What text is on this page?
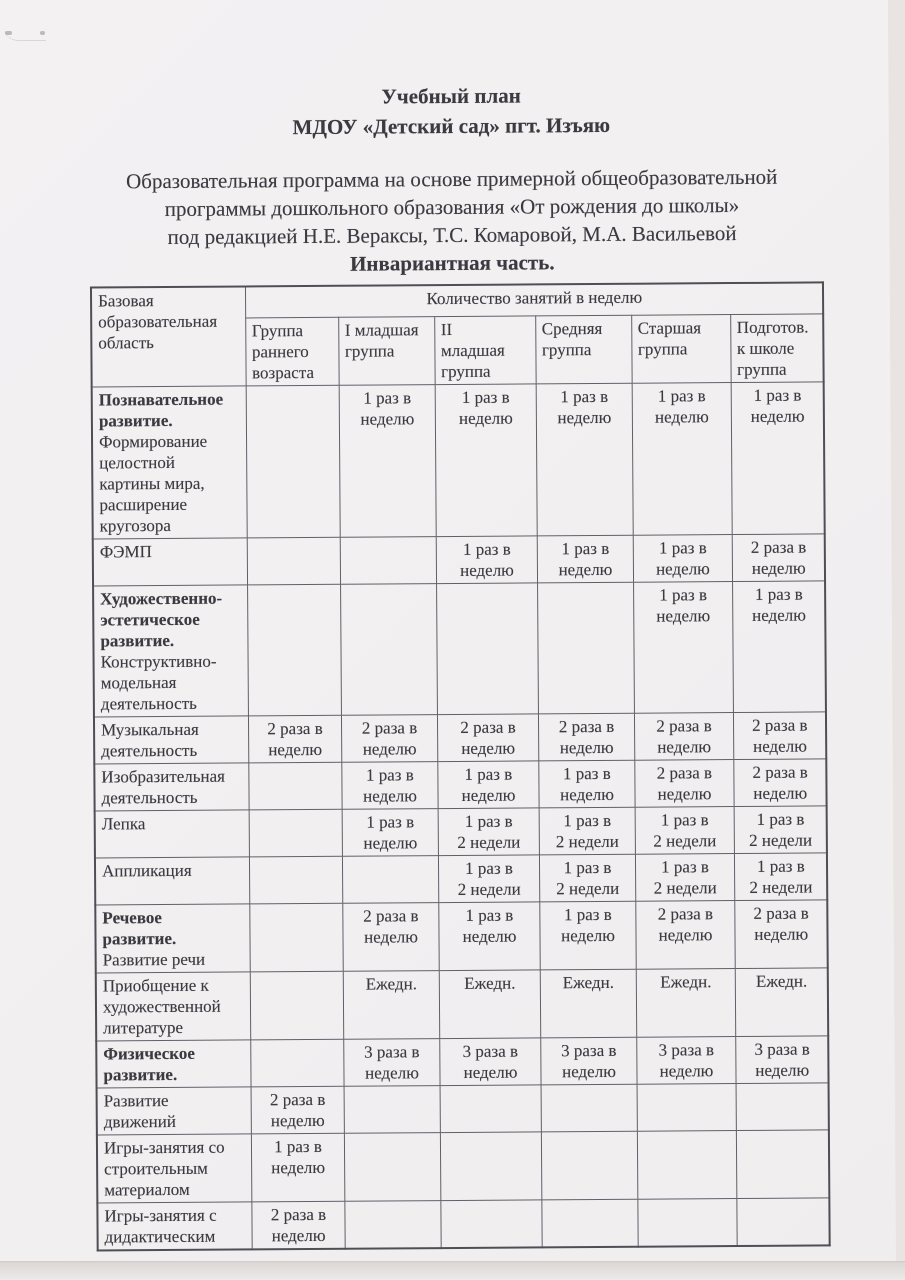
Учебный план
МДОУ «Детский сад» пгт. Изъяю
Образовательная программа на основе примерной общеобразовательной
программы дошкольного образования «От рождения до школы»
под редакцией Н.Е. Вераксы, Т.С. Комаровой, М.А. Васильевой
Инвариантная часть.
Базовая
образовательная
область	Количество занятий в неделю					
	Группа
раннего
возраста	I младшая
группа	II
младшая
группа	Средняя
группа	Старшая
группа	Подготов.
к школе
группа

Познавательное
развитие.
Формирование
целостной
картины мира,
расширение
кругозора
		1 раз в
неделю	1 раз в
неделю	1 раз в
неделю	1 раз в
неделю	1 раз в
неделю

ФЭМП			1 раз в
неделю	1 раз в
неделю	1 раз в
неделю	2 раза в
неделю

Художественно-
эстетическое
развитие.
Конструктивно-
модельная
деятельность
					1 раз в
неделю	1 раз в
неделю

Музыкальная
деятельность	2 раза в
неделю	2 раза в
неделю	2 раза в
неделю	2 раза в
неделю	2 раза в
неделю	2 раза в
неделю

Изобразительная
деятельность		1 раз в
неделю	1 раз в
неделю	1 раз в
неделю	2 раза в
неделю	2 раза в
неделю

Лепка		1 раз в
неделю	1 раз в
2 недели	1 раз в
2 недели	1 раз в
2 недели	1 раз в
2 недели

Аппликация			1 раз в
2 недели	1 раз в
2 недели	1 раз в
2 недели	1 раз в
2 недели

Речевое
развитие.
Развитие речи		2 раза в
неделю	1 раз в
неделю	1 раз в
неделю	2 раза в
неделю	2 раза в
неделю

Приобщение к
художественной
литературе		Ежедн.	Ежедн.	Ежедн.	Ежедн.	Ежедн.

Физическое
развитие.		3 раза в
неделю	3 раза в
неделю	3 раза в
неделю	3 раза в
неделю	3 раза в
неделю

Развитие
движений	2 раза в
неделю					

Игры-занятия со
строительным
материалом	1 раз в
неделю					

Игры-занятия с
дидактическим	2 раза в
неделю					
